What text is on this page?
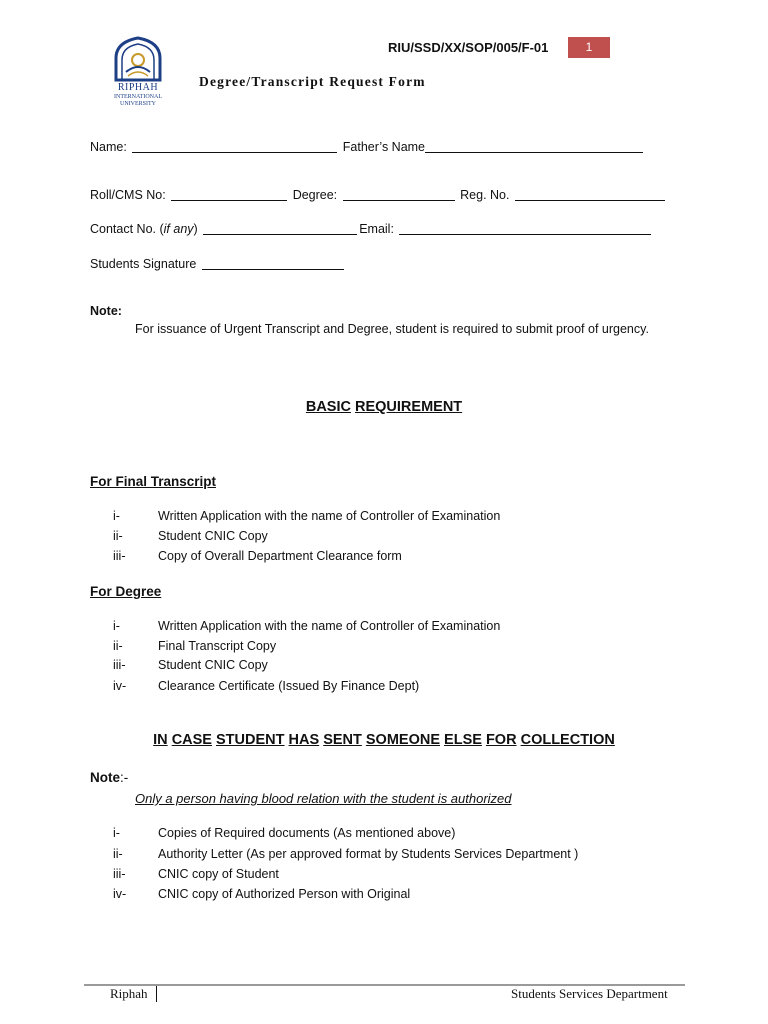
RIPHAH
INTERNATIONAL UNIVERSITY
RIU/SSD/XX/SOP/005/F-01	1
Degree/Transcript Request Form
Name:	Father’s Name
Roll/CMS No:	Degree:	Reg. No.
Contact No. (if any)	Email:
Students Signature
Note:
For issuance of Urgent Transcript and Degree, student is required to submit proof of urgency.
BASIC REQUIREMENT
For Final Transcript
i-	Written Application with the name of Controller of Examination
ii-	Student CNIC Copy
iii-	Copy of Overall Department Clearance form
For Degree
i-	Written Application with the name of Controller of Examination
ii-	Final Transcript Copy
iii-	Student CNIC Copy
iv-	Clearance Certificate (Issued By Finance Dept)
IN CASE STUDENT HAS SENT SOMEONE ELSE FOR COLLECTION
Note:-
Only a person having blood relation with the student is authorized
i-	Copies of Required documents (As mentioned above)
ii-	Authority Letter (As per approved format by Students Services Department )
iii-	CNIC copy of Student
iv-	CNIC copy of Authorized Person with Original
Riphah	Students Services Department
